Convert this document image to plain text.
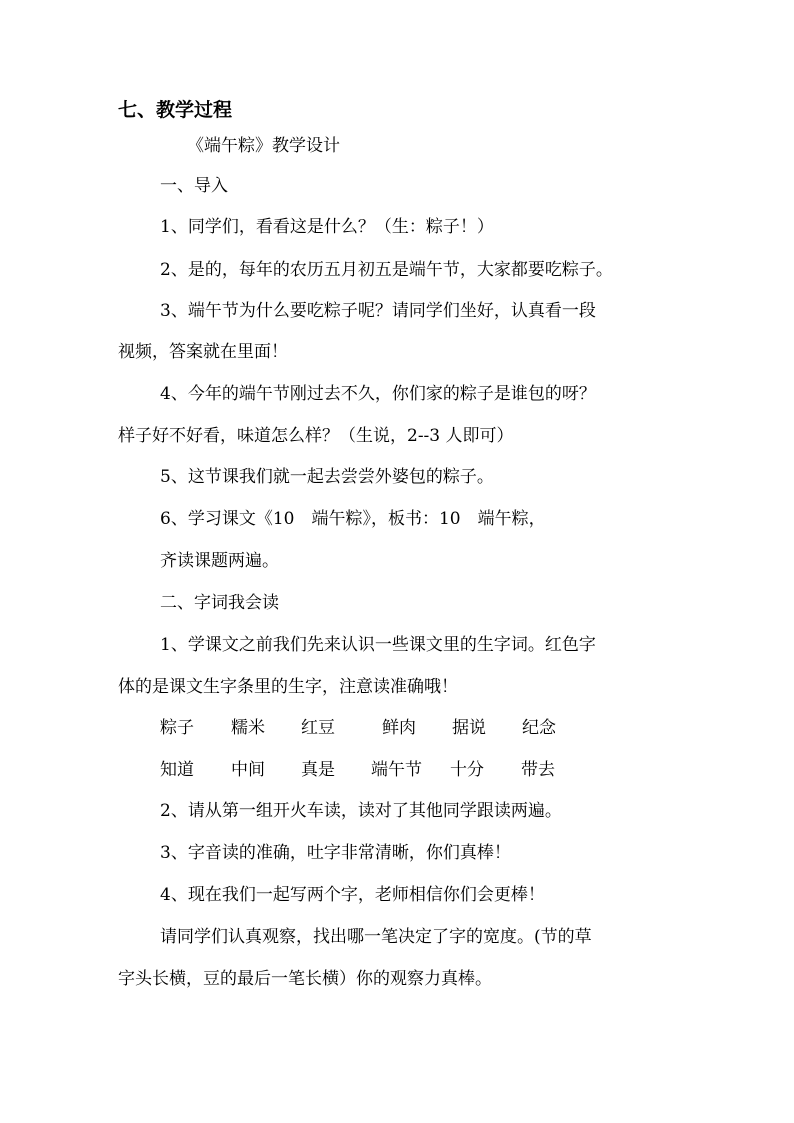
七、教学过程
《端午粽》教学设计
一、导入
1、同学们，看看这是什么？（生：粽子！）
2、是的，每年的农历五月初五是端午节，大家都要吃粽子。
3、端午节为什么要吃粽子呢？请同学们坐好，认真看一段
视频，答案就在里面！
4、今年的端午节刚过去不久，你们家的粽子是谁包的呀？
样子好不好看，味道怎么样？（生说，2--3 人即可）
5、这节课我们就一起去尝尝外婆包的粽子。
6、学习课文《10　端午粽》，板书：10　端午粽，
齐读课题两遍。
二、字词我会读
1、学课文之前我们先来认识一些课文里的生字词。红色字
体的是课文生字条里的生字，注意读准确哦！
粽子 糯米 红豆	鲜肉 据说 纪念
知道 中间 真是 端午节 十分 带去
2、请从第一组开火车读，读对了其他同学跟读两遍。
3、字音读的准确，吐字非常清晰，你们真棒！
4、现在我们一起写两个字，老师相信你们会更棒！
请同学们认真观察，找出哪一笔决定了字的宽度。(节的草
字头长横，豆的最后一笔长横）你的观察力真棒。
